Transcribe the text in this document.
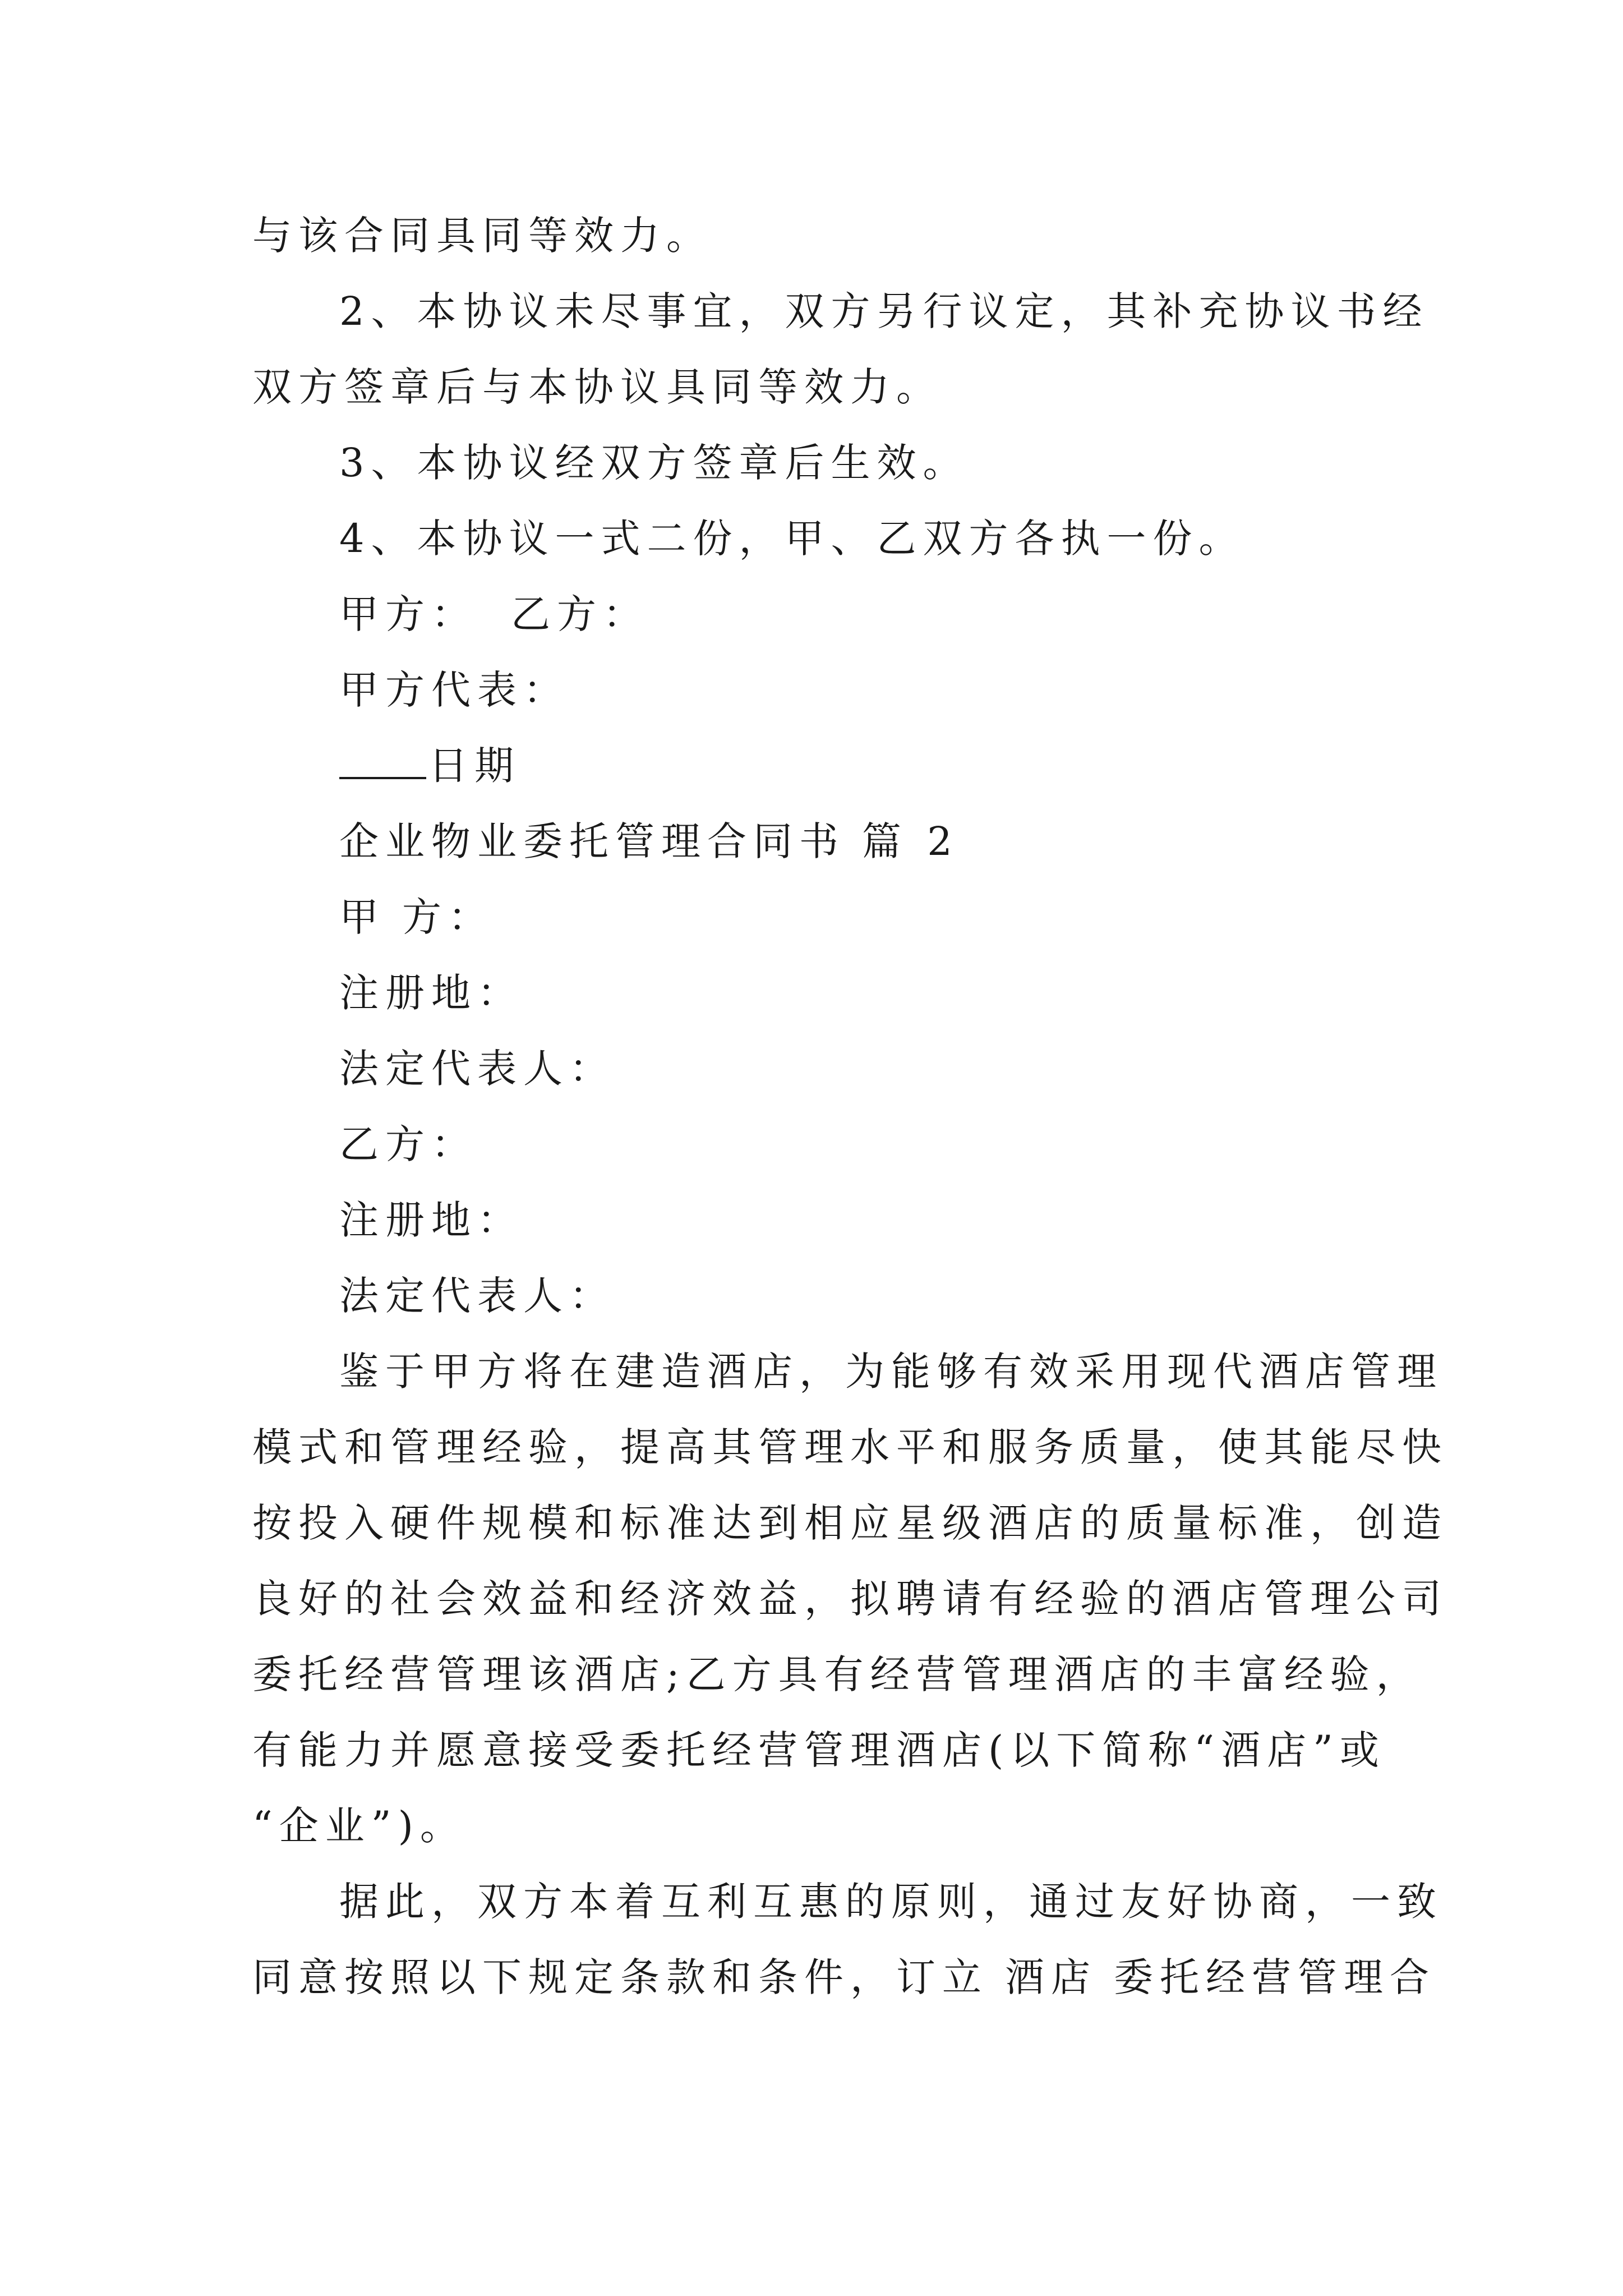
与该合同具同等效力。
2、本协议未尽事宜，双方另行议定，其补充协议书经
双方签章后与本协议具同等效力。
3、本协议经双方签章后生效。
4、本协议一式二份，甲、乙双方各执一份。
甲方： 乙方：
甲方代表：
日期
企业物业委托管理合同书 篇 2
甲 方：
注册地：
法定代表人：
乙方：
注册地：
法定代表人：
鉴于甲方将在建造酒店，为能够有效采用现代酒店管理
模式和管理经验，提高其管理水平和服务质量，使其能尽快
按投入硬件规模和标准达到相应星级酒店的质量标准，创造
良好的社会效益和经济效益，拟聘请有经验的酒店管理公司
委托经营管理该酒店;乙方具有经营管理酒店的丰富经验，
有能力并愿意接受委托经营管理酒店(以下简称“酒店”或
“企业”)。
据此，双方本着互利互惠的原则，通过友好协商，一致
同意按照以下规定条款和条件，订立 酒店 委托经营管理合
